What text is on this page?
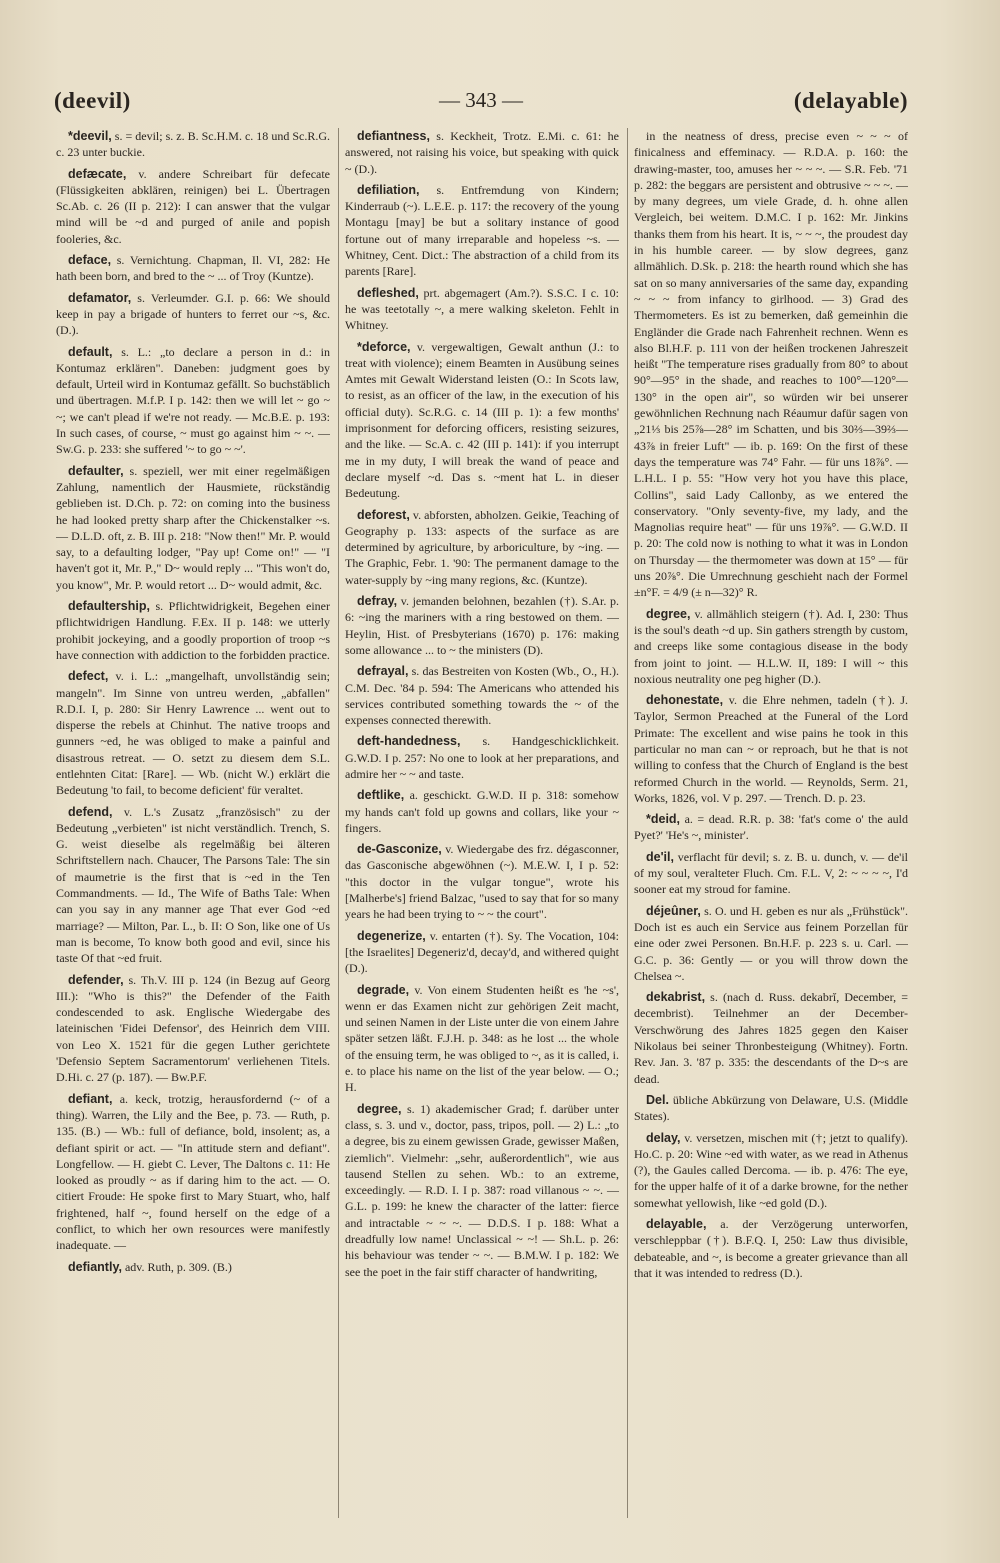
(deevil)	— 343 —	(delayable)

*deevil, s. = devil; s. z. B. Sc.H.M. c. 18 und Sc.R.G. c. 23 unter buckie.

defæcate, v. andere Schreibart für defecate (Flüssigkeiten abklären, reinigen) bei L. Übertragen Sc.Ab. c. 26 (II p. 212): I can answer that the vulgar mind will be ~d and purged of anile and popish fooleries, &c.

deface, s. Vernichtung. Chapman, Il. VI, 282: He hath been born, and bred to the ~ ... of Troy (Kuntze).

defamator, s. Verleumder. G.I. p. 66: We should keep in pay a brigade of hunters to ferret our ~s, &c. (D.).

default, s. L.: „to declare a person in d.: in Kontumaz erklären". Daneben: judgment goes by default, Urteil wird in Kontumaz gefällt. So buchstäblich und übertragen. M.f.P. I p. 142: then we will let ~ go ~ ~; we can't plead if we're not ready. — Mc.B.E. p. 193: In such cases, of course, ~ must go against him ~ ~. — Sw.G. p. 233: she suffered '~ to go ~ ~'.

defaulter, s. speziell, wer mit einer regelmäßigen Zahlung, namentlich der Hausmiete, rückständig geblieben ist. D.Ch. p. 72: on coming into the business he had looked pretty sharp after the Chickenstalker ~s. — D.L.D. oft, z. B. III p. 218: "Now then!" Mr. P. would say, to a defaulting lodger, "Pay up! Come on!" — "I haven't got it, Mr. P.," D~ would reply ... "This won't do, you know", Mr. P. would retort ... D~ would admit, &c.

defaultership, s. Pflichtwidrigkeit, Begehen einer pflichtwidrigen Handlung. F.Ex. II p. 148: we utterly prohibit jockeying, and a goodly proportion of troop ~s have connection with addiction to the forbidden practice.

defect, v. i. L.: „mangelhaft, unvollständig sein; mangeln". Im Sinne von untreu werden, „abfallen" R.D.I. I, p. 280: Sir Henry Lawrence ... went out to disperse the rebels at Chinhut. The native troops and gunners ~ed, he was obliged to make a painful and disastrous retreat. — O. setzt zu diesem dem S.L. entlehnten Citat: [Rare]. — Wb. (nicht W.) erklärt die Bedeutung 'to fail, to become deficient' für veraltet.

defend, v. L.'s Zusatz „französisch" zu der Bedeutung „verbieten" ist nicht verständlich. Trench, S. G. weist dieselbe als regelmäßig bei älteren Schriftstellern nach. Chaucer, The Parsons Tale: The sin of maumetrie is the first that is ~ed in the Ten Commandments. — Id., The Wife of Baths Tale: When can you say in any manner age That ever God ~ed marriage? — Milton, Par. L., b. II: O Son, like one of Us man is become, To know both good and evil, since his taste Of that ~ed fruit.

defender, s. Th.V. III p. 124 (in Bezug auf Georg III.): "Who is this?" the Defender of the Faith condescended to ask. Englische Wiedergabe des lateinischen 'Fidei Defensor', des Heinrich dem VIII. von Leo X. 1521 für die gegen Luther gerichtete 'Defensio Septem Sacramentorum' verliehenen Titels. D.Hi. c. 27 (p. 187). — Bw.P.F.

defiant, a. keck, trotzig, herausfordernd (~ of a thing). Warren, the Lily and the Bee, p. 73. — Ruth, p. 135. (B.) — Wb.: full of defiance, bold, insolent; as, a defiant spirit or act. — "In attitude stern and defiant". Longfellow. — H. giebt C. Lever, The Daltons c. 11: He looked as proudly ~ as if daring him to the act. — O. citiert Froude: He spoke first to Mary Stuart, who, half frightened, half ~, found herself on the edge of a conflict, to which her own resources were manifestly inadequate. —

defiantly, adv. Ruth, p. 309. (B.)

defiantness, s. Keckheit, Trotz. E.Mi. c. 61: he answered, not raising his voice, but speaking with quick ~ (D.).

defiliation, s. Entfremdung von Kindern; Kinderraub (~). L.E.E. p. 117: the recovery of the young Montagu [may] be but a solitary instance of good fortune out of many irreparable and hopeless ~s. — Whitney, Cent. Dict.: The abstraction of a child from its parents [Rare].

defleshed, prt. abgemagert (Am.?). S.S.C. I c. 10: he was teetotally ~, a mere walking skeleton. Fehlt in Whitney.

*deforce, v. vergewaltigen, Gewalt anthun (J.: to treat with violence); einem Beamten in Ausübung seines Amtes mit Gewalt Widerstand leisten (O.: In Scots law, to resist, as an officer of the law, in the execution of his official duty). Sc.R.G. c. 14 (III p. 1): a few months' imprisonment for deforcing officers, resisting seizures, and the like. — Sc.A. c. 42 (III p. 141): if you interrupt me in my duty, I will break the wand of peace and declare myself ~d. Das s. ~ment hat L. in dieser Bedeutung.

deforest, v. abforsten, abholzen. Geikie, Teaching of Geography p. 133: aspects of the surface as are determined by agriculture, by arboriculture, by ~ing. — The Graphic, Febr. 1. '90: The permanent damage to the water-supply by ~ing many regions, &c. (Kuntze).

defray, v. jemanden belohnen, bezahlen (†). S.Ar. p. 6: ~ing the mariners with a ring bestowed on them. — Heylin, Hist. of Presbyterians (1670) p. 176: making some allowance ... to ~ the ministers (D).

defrayal, s. das Bestreiten von Kosten (Wb., O., H.). C.M. Dec. '84 p. 594: The Americans who attended his services contributed something towards the ~ of the expenses connected therewith.

deft-handedness, s. Handgeschicklichkeit. G.W.D. I p. 257: No one to look at her preparations, and admire her ~ ~ and taste.

deftlike, a. geschickt. G.W.D. II p. 318: somehow my hands can't fold up gowns and collars, like your ~ fingers.

de-Gasconize, v. Wiedergabe des frz. dégasconner, das Gasconische abgewöhnen (~). M.E.W. I, I p. 52: "this doctor in the vulgar tongue", wrote his [Malherbe's] friend Balzac, "used to say that for so many years he had been trying to ~ ~ the court".

degenerize, v. entarten (†). Sy. The Vocation, 104: [the Israelites] Degeneriz'd, decay'd, and withered quight (D.).

degrade, v. Von einem Studenten heißt es 'he ~s', wenn er das Examen nicht zur gehörigen Zeit macht, und seinen Namen in der Liste unter die von einem Jahre später setzen läßt. F.J.H. p. 348: as he lost ... the whole of the ensuing term, he was obliged to ~, as it is called, i. e. to place his name on the list of the year below. — O.; H.

degree, s. 1) akademischer Grad; f. darüber unter class, s. 3. und v., doctor, pass, tripos, poll. — 2) L.: „to a degree, bis zu einem gewissen Grade, gewisser Maßen, ziemlich". Vielmehr: „sehr, außerordentlich", wie aus tausend Stellen zu sehen. Wb.: to an extreme, exceedingly. — R.D. I. I p. 387: road villanous ~ ~. — G.L. p. 199: he knew the character of the latter: fierce and intractable ~ ~ ~. — D.D.S. I p. 188: What a dreadfully low name! Unclassical ~ ~! — Sh.L. p. 26: his behaviour was tender ~ ~. — B.M.W. I p. 182: We see the poet in the fair stiff character of handwriting,

in the neatness of dress, precise even ~ ~ ~ of finicalness and effeminacy. — R.D.A. p. 160: the drawing-master, too, amuses her ~ ~ ~. — S.R. Feb. '71 p. 282: the beggars are persistent and obtrusive ~ ~ ~. — by many degrees, um viele Grade, d. h. ohne allen Vergleich, bei weitem. D.M.C. I p. 162: Mr. Jinkins thanks them from his heart. It is, ~ ~ ~, the proudest day in his humble career. — by slow degrees, ganz allmählich. D.Sk. p. 218: the hearth round which she has sat on so many anniversaries of the same day, expanding ~ ~ ~ from infancy to girlhood. — 3) Grad des Thermometers. Es ist zu bemerken, daß gemeinhin die Engländer die Grade nach Fahrenheit rechnen. Wenn es also Bl.H.F. p. 111 von der heißen trockenen Jahreszeit heißt "The temperature rises gradually from 80° to about 90°—95° in the shade, and reaches to 100°—120°—130° in the open air", so würden wir bei unserer gewöhnlichen Rechnung nach Réaumur dafür sagen von „21⅓ bis 25⅞—28° im Schatten, und bis 30⅔—39⅔—43⅞ in freier Luft" — ib. p. 169: On the first of these days the temperature was 74° Fahr. — für uns 18⅞°. — L.H.L. I p. 55: "How very hot you have this place, Collins", said Lady Callonby, as we entered the conservatory. "Only seventy-five, my lady, and the Magnolias require heat" — für uns 19⅞°. — G.W.D. II p. 20: The cold now is nothing to what it was in London on Thursday — the thermometer was down at 15° — für uns 20⅞°. Die Umrechnung geschieht nach der Formel ±n°F. = 4/9 (± n—32)° R.

degree, v. allmählich steigern (†). Ad. I, 230: Thus is the soul's death ~d up. Sin gathers strength by custom, and creeps like some contagious disease in the body from joint to joint. — H.L.W. II, 189: I will ~ this noxious neutrality one peg higher (D.).

dehonestate, v. die Ehre nehmen, tadeln (†). J. Taylor, Sermon Preached at the Funeral of the Lord Primate: The excellent and wise pains he took in this particular no man can ~ or reproach, but he that is not willing to confess that the Church of England is the best reformed Church in the world. — Reynolds, Serm. 21, Works, 1826, vol. V p. 297. — Trench. D. p. 23.

*deid, a. = dead. R.R. p. 38: 'fat's come o' the auld Pyet?' 'He's ~, minister'.

de'il, verflacht für devil; s. z. B. u. dunch, v. — de'il of my soul, veralteter Fluch. Cm. F.L. V, 2: ~ ~ ~ ~, I'd sooner eat my stroud for famine.

déjeûner, s. O. und H. geben es nur als „Frühstück". Doch ist es auch ein Service aus feinem Porzellan für eine oder zwei Personen. Bn.H.F. p. 223 s. u. Carl. — G.C. p. 36: Gently — or you will throw down the Chelsea ~.

dekabrist, s. (nach d. Russ. dekabrĭ, December, = decembrist). Teilnehmer an der December-Verschwörung des Jahres 1825 gegen den Kaiser Nikolaus bei seiner Thronbesteigung (Whitney). Fortn. Rev. Jan. 3. '87 p. 335: the descendants of the D~s are dead.

Del. übliche Abkürzung von Delaware, U.S. (Middle States).

delay, v. versetzen, mischen mit (†; jetzt to qualify). Ho.C. p. 20: Wine ~ed with water, as we read in Athenus (?), the Gaules called Dercoma. — ib. p. 476: The eye, for the upper halfe of it of a darke browne, for the nether somewhat yellowish, like ~ed gold (D.).

delayable, a. der Verzögerung unterworfen, verschleppbar (†). B.F.Q. I, 250: Law thus divisible, debateable, and ~, is become a greater grievance than all that it was intended to redress (D.).
